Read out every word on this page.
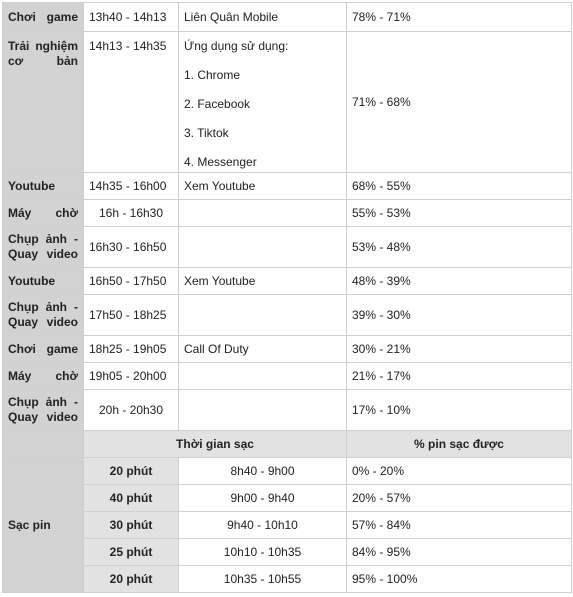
Chơi game	13h40 - 14h13	Liên Quân Mobile	78% - 71%
Trải nghiệm cơ bản	14h13 - 14h35	Ứng dụng sử dụng:
1. Chrome
2. Facebook
3. Tiktok
4. Messenger	71% - 68%
Youtube	14h35 - 16h00	Xem Youtube	68% - 55%
Máy chờ	16h - 16h30		55% - 53%
Chụp ảnh - Quay video	16h30 - 16h50		53% - 48%
Youtube	16h50 - 17h50	Xem Youtube	48% - 39%
Chụp ảnh - Quay video	17h50 - 18h25		39% - 30%
Chơi game	18h25 - 19h05	Call Of Duty	30% - 21%
Máy chờ	19h05 - 20h00		21% - 17%
Chụp ảnh - Quay video	20h - 20h30		17% - 10%
	Thời gian sạc		% pin sạc được
Sạc pin	20 phút	8h40 - 9h00	0% - 20%
	40 phút	9h00 - 9h40	20% - 57%
	30 phút	9h40 - 10h10	57% - 84%
	25 phút	10h10 - 10h35	84% - 95%
	20 phút	10h35 - 10h55	95% - 100%
